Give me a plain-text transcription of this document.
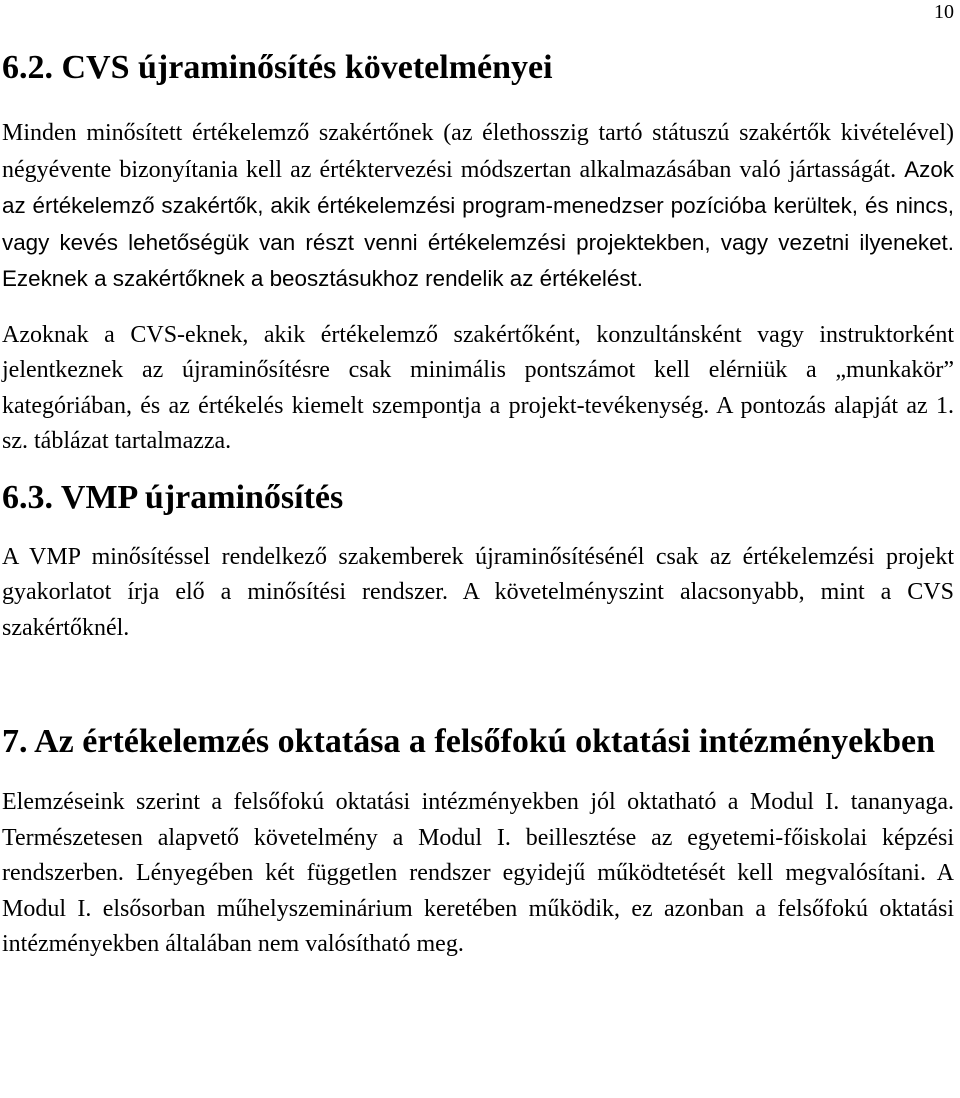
10
6.2. CVS újraminősítés követelményei

Minden minősített értékelemző szakértőnek (az élethosszig tartó státuszú szakértők kivételével) négyévente bizonyítania kell az értéktervezési módszertan alkalmazásában való jártasságát. Azok az értékelemző szakértők, akik értékelemzési program-menedzser pozícióba kerültek, és nincs, vagy kevés lehetőségük van részt venni értékelemzési projektekben, vagy vezetni ilyeneket. Ezeknek a szakértőknek a beosztásukhoz rendelik az értékelést.

Azoknak a CVS-eknek, akik értékelemző szakértőként, konzultánsként vagy instruktorként jelentkeznek az újraminősítésre csak minimális pontszámot kell elérniük a „munkakör” kategóriában, és az értékelés kiemelt szempontja a projekt-tevékenység. A pontozás alapját az 1. sz. táblázat tartalmazza.

6.3. VMP újraminősítés

A VMP minősítéssel rendelkező szakemberek újraminősítésénél csak az értékelemzési projekt gyakorlatot írja elő a minősítési rendszer. A követelményszint alacsonyabb, mint a CVS szakértőknél.

7. Az értékelemzés oktatása a felsőfokú oktatási intézményekben

Elemzéseink szerint a felsőfokú oktatási intézményekben jól oktatható a Modul I. tananyaga. Természetesen alapvető követelmény a Modul I. beillesztése az egyetemi-főiskolai képzési rendszerben. Lényegében két független rendszer egyidejű működtetését kell megvalósítani. A Modul I. elsősorban műhelyszeminárium keretében működik, ez azonban a felsőfokú oktatási intézményekben általában nem valósítható meg.
